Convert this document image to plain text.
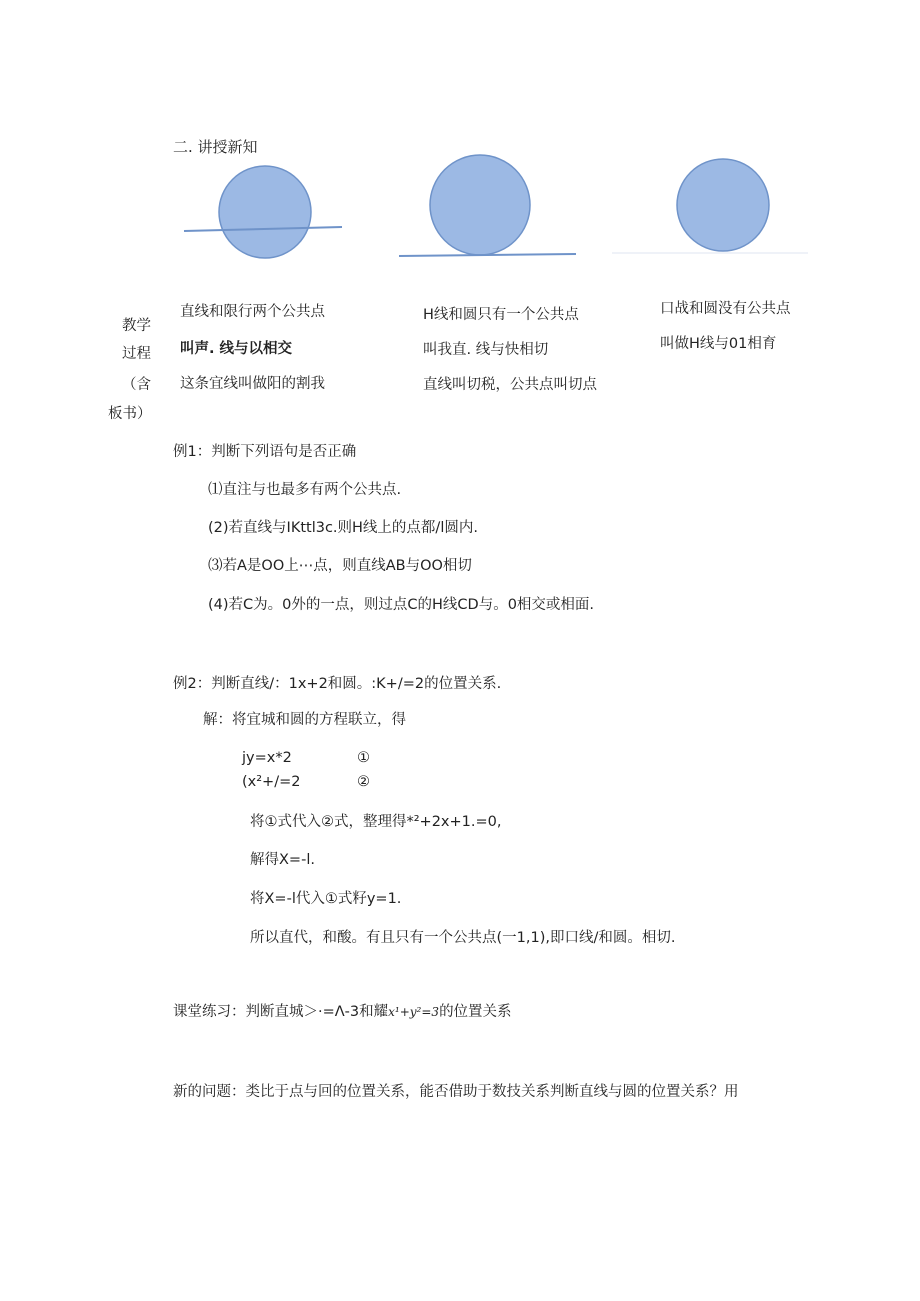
二. 讲授新知
教学
过程
（含
板书）
直线和限行两个公共点
叫声. 线与以相交
这条宜线叫做阳的割我
H线和圆只有一个公共点
叫我直. 线与快相切
直线叫切税，公共点叫切点
口战和圆没有公共点
叫做H线与01相育
例1：判断下列语句是否正确
⑴直注与也最多有两个公共点.
(2)若直线与IKttl3c.则H线上的点都∕l圆内.
⑶若A是OO上⋯点，则直线AB与OO相切
(4)若C为。0外的一点，则过点C的H线CD与。0相交或相面.
例2：判断直线/：1x+2和圆。:K+/=2的位置关系.
解：将宜城和圆的方程联立，得
jy=x*2	①
(x²+/=2	②
将①式代入②式，整理得*²+2x+1.=0,
解得X=-l.
将X=-l代入①式籽y=1.
所以直代，和酸。有且只有一个公共点(一1,1),即口线/和圆。相切.
课堂练习：判断直城＞·=Λ-3和耀x¹+y²=3的位置关系
新的问题：类比于点与回的位置关系，能否借助于数技关系判断直线与圆的位置关系？用
